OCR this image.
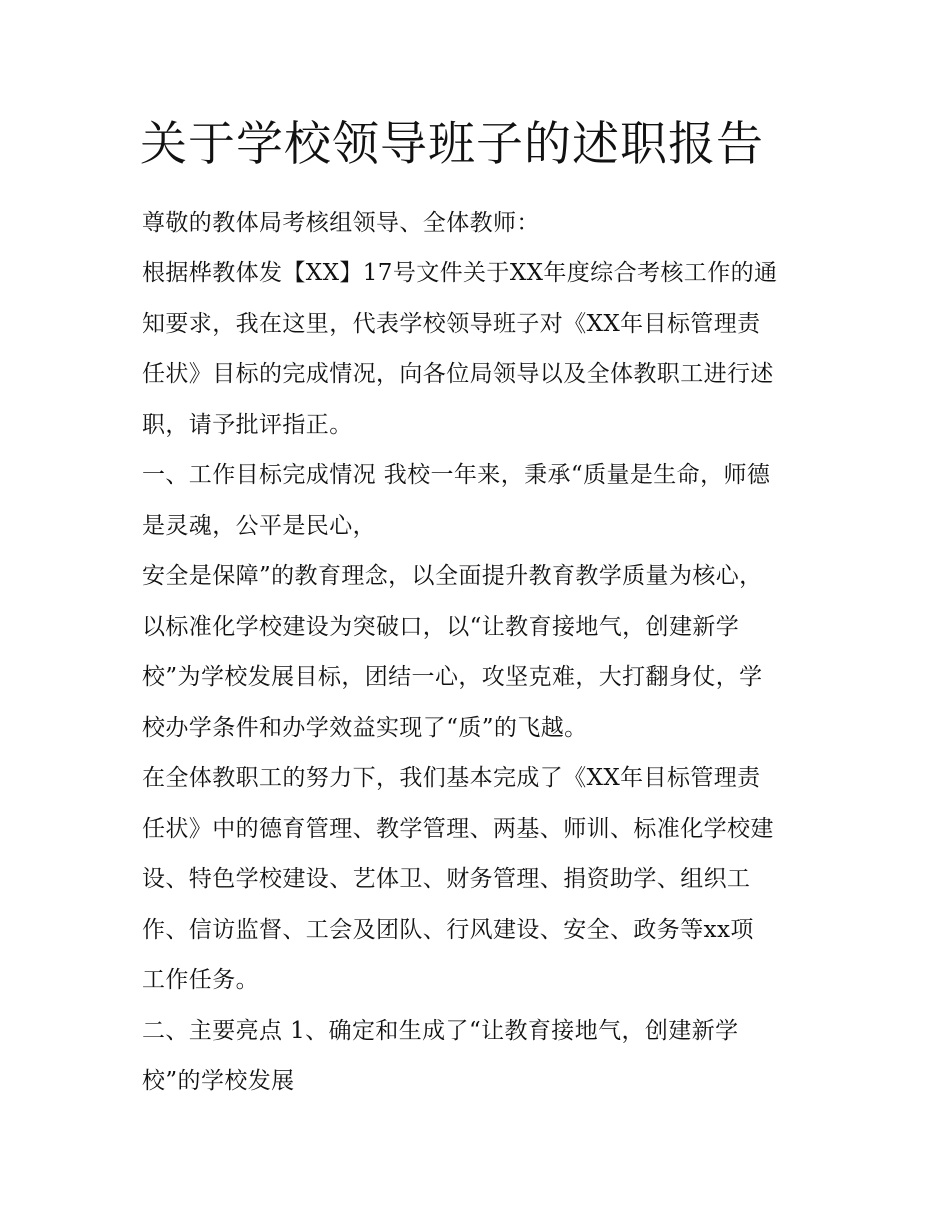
关于学校领导班子的述职报告
尊敬的教体局考核组领导、全体教师：
根据桦教体发【XX】17号文件关于XX年度综合考核工作的通
知要求，我在这里，代表学校领导班子对《XX年目标管理责
任状》目标的完成情况，向各位局领导以及全体教职工进行述
职，请予批评指正。
一、工作目标完成情况 我校一年来，秉承“质量是生命，师德
是灵魂，公平是民心，
安全是保障”的教育理念，以全面提升教育教学质量为核心，
以标准化学校建设为突破口，以“让教育接地气，创建新学
校”为学校发展目标，团结一心，攻坚克难，大打翻身仗，学
校办学条件和办学效益实现了“质”的飞越。
在全体教职工的努力下，我们基本完成了《XX年目标管理责
任状》中的德育管理、教学管理、两基、师训、标准化学校建
设、特色学校建设、艺体卫、财务管理、捐资助学、组织工
作、信访监督、工会及团队、行风建设、安全、政务等xx项
工作任务。
二、主要亮点 1、确定和生成了“让教育接地气，创建新学
校”的学校发展
